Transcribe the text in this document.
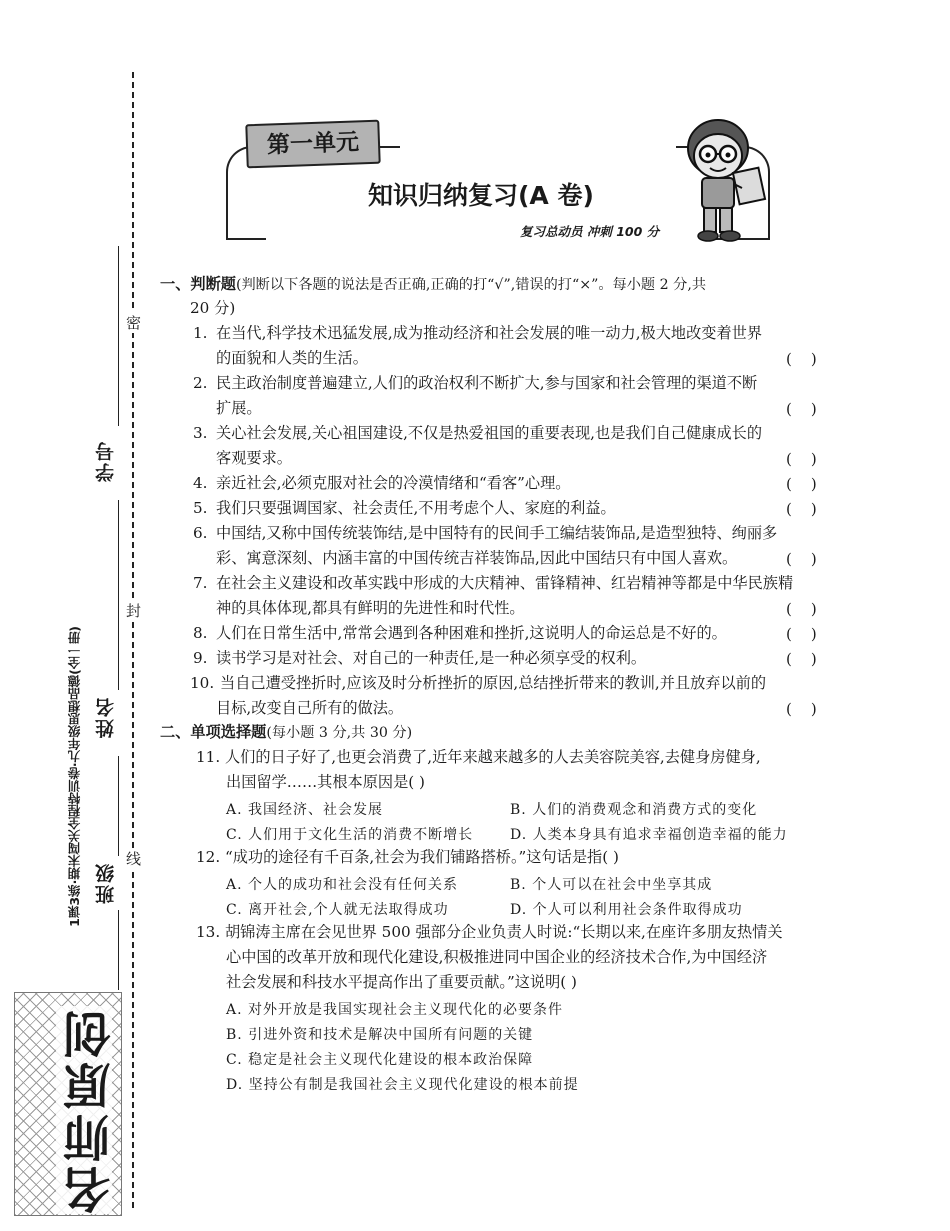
密
封
线
学号
姓名
班级
1课3练·期末闯关全程特训卷·九年级思想品德(全一册)
名师原创
第一单元
知识归纳复习(A 卷)
复习总动员 冲刺 100 分
一、判断题(判断以下各题的说法是否正确,正确的打“√”,错误的打“×”。每小题 2 分,共
20 分)
1. 在当代,科学技术迅猛发展,成为推动经济和社会发展的唯一动力,极大地改变着世界
的面貌和人类的生活。	(    )
2. 民主政治制度普遍建立,人们的政治权利不断扩大,参与国家和社会管理的渠道不断
扩展。	(    )
3. 关心社会发展,关心祖国建设,不仅是热爱祖国的重要表现,也是我们自己健康成长的
客观要求。	(    )
4. 亲近社会,必须克服对社会的冷漠情绪和“看客”心理。	(    )
5. 我们只要强调国家、社会责任,不用考虑个人、家庭的利益。	(    )
6. 中国结,又称中国传统装饰结,是中国特有的民间手工编结装饰品,是造型独特、绚丽多
彩、寓意深刻、内涵丰富的中国传统吉祥装饰品,因此中国结只有中国人喜欢。	(    )
7. 在社会主义建设和改革实践中形成的大庆精神、雷锋精神、红岩精神等都是中华民族精
神的具体体现,都具有鲜明的先进性和时代性。	(    )
8. 人们在日常生活中,常常会遇到各种困难和挫折,这说明人的命运总是不好的。	(    )
9. 读书学习是对社会、对自己的一种责任,是一种必须享受的权利。	(    )
10. 当自己遭受挫折时,应该及时分析挫折的原因,总结挫折带来的教训,并且放弃以前的
目标,改变自己所有的做法。	(    )
二、单项选择题(每小题 3 分,共 30 分)
11. 人们的日子好了,也更会消费了,近年来越来越多的人去美容院美容,去健身房健身,
出国留学……其根本原因是( )
A. 我国经济、社会发展	B. 人们的消费观念和消费方式的变化
C. 人们用于文化生活的消费不断增长	D. 人类本身具有追求幸福创造幸福的能力
12. “成功的途径有千百条,社会为我们铺路搭桥。”这句话是指( )
A. 个人的成功和社会没有任何关系	B. 个人可以在社会中坐享其成
C. 离开社会,个人就无法取得成功	D. 个人可以利用社会条件取得成功
13. 胡锦涛主席在会见世界 500 强部分企业负责人时说:“长期以来,在座许多朋友热情关
心中国的改革开放和现代化建设,积极推进同中国企业的经济技术合作,为中国经济
社会发展和科技水平提高作出了重要贡献。”这说明( )
A. 对外开放是我国实现社会主义现代化的必要条件
B. 引进外资和技术是解决中国所有问题的关键
C. 稳定是社会主义现代化建设的根本政治保障
D. 坚持公有制是我国社会主义现代化建设的根本前提
